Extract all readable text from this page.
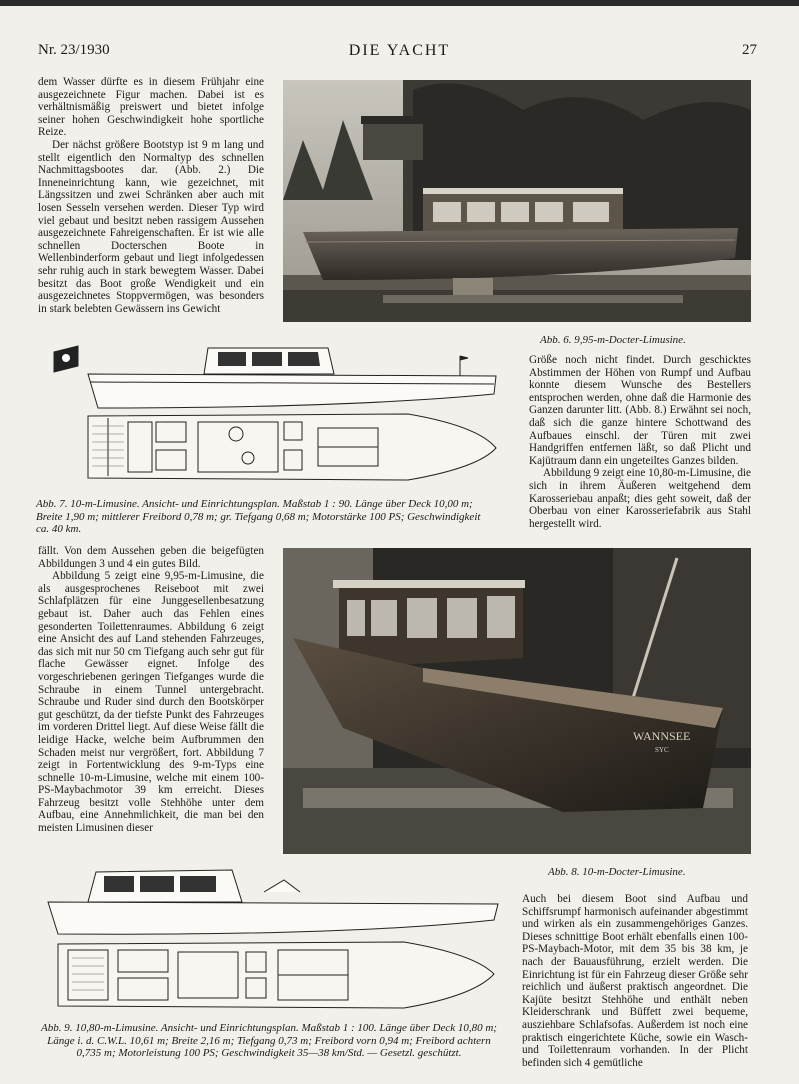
Nr. 23/1930	DIE YACHT	27

dem Wasser dürfte es in diesem Frühjahr eine ausgezeichnete Figur machen. Dabei ist es verhältnismäßig preiswert und bietet infolge seiner hohen Geschwindigkeit hohe sportliche Reize.

Der nächst größere Bootstyp ist 9 m lang und stellt eigentlich den Normaltyp des schnellen Nachmittagsbootes dar. (Abb. 2.) Die Inneneinrichtung kann, wie gezeichnet, mit Längssitzen und zwei Schränken aber auch mit losen Sesseln versehen werden. Dieser Typ wird viel gebaut und besitzt neben rassigem Aussehen ausgezeichnete Fahreigenschaften. Er ist wie alle schnellen Docterschen Boote in Wellenbinderform gebaut und liegt infolgedessen sehr ruhig auch in stark bewegtem Wasser. Dabei besitzt das Boot große Wendigkeit und ein ausgezeichnetes Stoppvermögen, was besonders in stark belebten Gewässern ins Gewicht

Abb. 6. 9,95-m-Docter-Limusine.

Abb. 7. 10-m-Limusine. Ansicht- und Einrichtungsplan. Maßstab 1 : 90. Länge über Deck 10,00 m; Breite 1,90 m; mittlerer Freibord 0,78 m; gr. Tiefgang 0,68 m; Motorstärke 100 PS; Geschwindigkeit ca. 40 km.

Größe noch nicht findet. Durch geschicktes Abstimmen der Höhen von Rumpf und Aufbau konnte diesem Wunsche des Bestellers entsprochen werden, ohne daß die Harmonie des Ganzen darunter litt. (Abb. 8.) Erwähnt sei noch, daß sich die ganze hintere Schottwand des Aufbaues einschl. der Türen mit zwei Handgriffen entfernen läßt, so daß Plicht und Kajütraum dann ein ungeteiltes Ganzes bilden.

Abbildung 9 zeigt eine 10,80-m-Limusine, die sich in ihrem Äußeren weitgehend dem Karosseriebau anpaßt; dies geht soweit, daß der Oberbau von einer Karosseriefabrik aus Stahl hergestellt wird.

fällt. Von dem Aussehen geben die beigefügten Abbildungen 3 und 4 ein gutes Bild.

Abbildung 5 zeigt eine 9,95-m-Limusine, die als ausgesprochenes Reiseboot mit zwei Schlafplätzen für eine Junggesellenbesatzung gebaut ist. Daher auch das Fehlen eines gesonderten Toilettenraumes. Abbildung 6 zeigt eine Ansicht des auf Land stehenden Fahrzeuges, das sich mit nur 50 cm Tiefgang auch sehr gut für flache Gewässer eignet. Infolge des vorgeschriebenen geringen Tiefganges wurde die Schraube in einem Tunnel untergebracht. Schraube und Ruder sind durch den Bootskörper gut geschützt, da der tiefste Punkt des Fahrzeuges im vorderen Drittel liegt. Auf diese Weise fällt die leidige Hacke, welche beim Aufbrummen den Schaden meist nur vergrößert, fort. Abbildung 7 zeigt in Fortentwicklung des 9-m-Typs eine schnelle 10-m-Limusine, welche mit einem 100-PS-Maybachmotor 39 km erreicht. Dieses Fahrzeug besitzt volle Stehhöhe unter dem Aufbau, eine Annehmlichkeit, die man bei den meisten Limusinen dieser

WANNSEE
SYC

Abb. 8. 10-m-Docter-Limusine.

Abb. 9. 10,80-m-Limusine. Ansicht- und Einrichtungsplan. Maßstab 1 : 100. Länge über Deck 10,80 m; Länge i. d. C.W.L. 10,61 m; Breite 2,16 m; Tiefgang 0,73 m; Freibord vorn 0,94 m; Freibord achtern 0,735 m; Motorleistung 100 PS; Geschwindigkeit 35—38 km/Std. — Gesetzl. geschützt.

Auch bei diesem Boot sind Aufbau und Schiffsrumpf harmonisch aufeinander abgestimmt und wirken als ein zusammengehöriges Ganzes. Dieses schnittige Boot erhält ebenfalls einen 100-PS-Maybach-Motor, mit dem 35 bis 38 km, je nach der Bauausführung, erzielt werden. Die Einrichtung ist für ein Fahrzeug dieser Größe sehr reichlich und äußerst praktisch angeordnet. Die Kajüte besitzt Stehhöhe und enthält neben Kleiderschrank und Büffett zwei bequeme, ausziehbare Schlafsofas. Außerdem ist noch eine praktisch eingerichtete Küche, sowie ein Wasch- und Toilettenraum vorhanden. In der Plicht befinden sich 4 gemütliche
